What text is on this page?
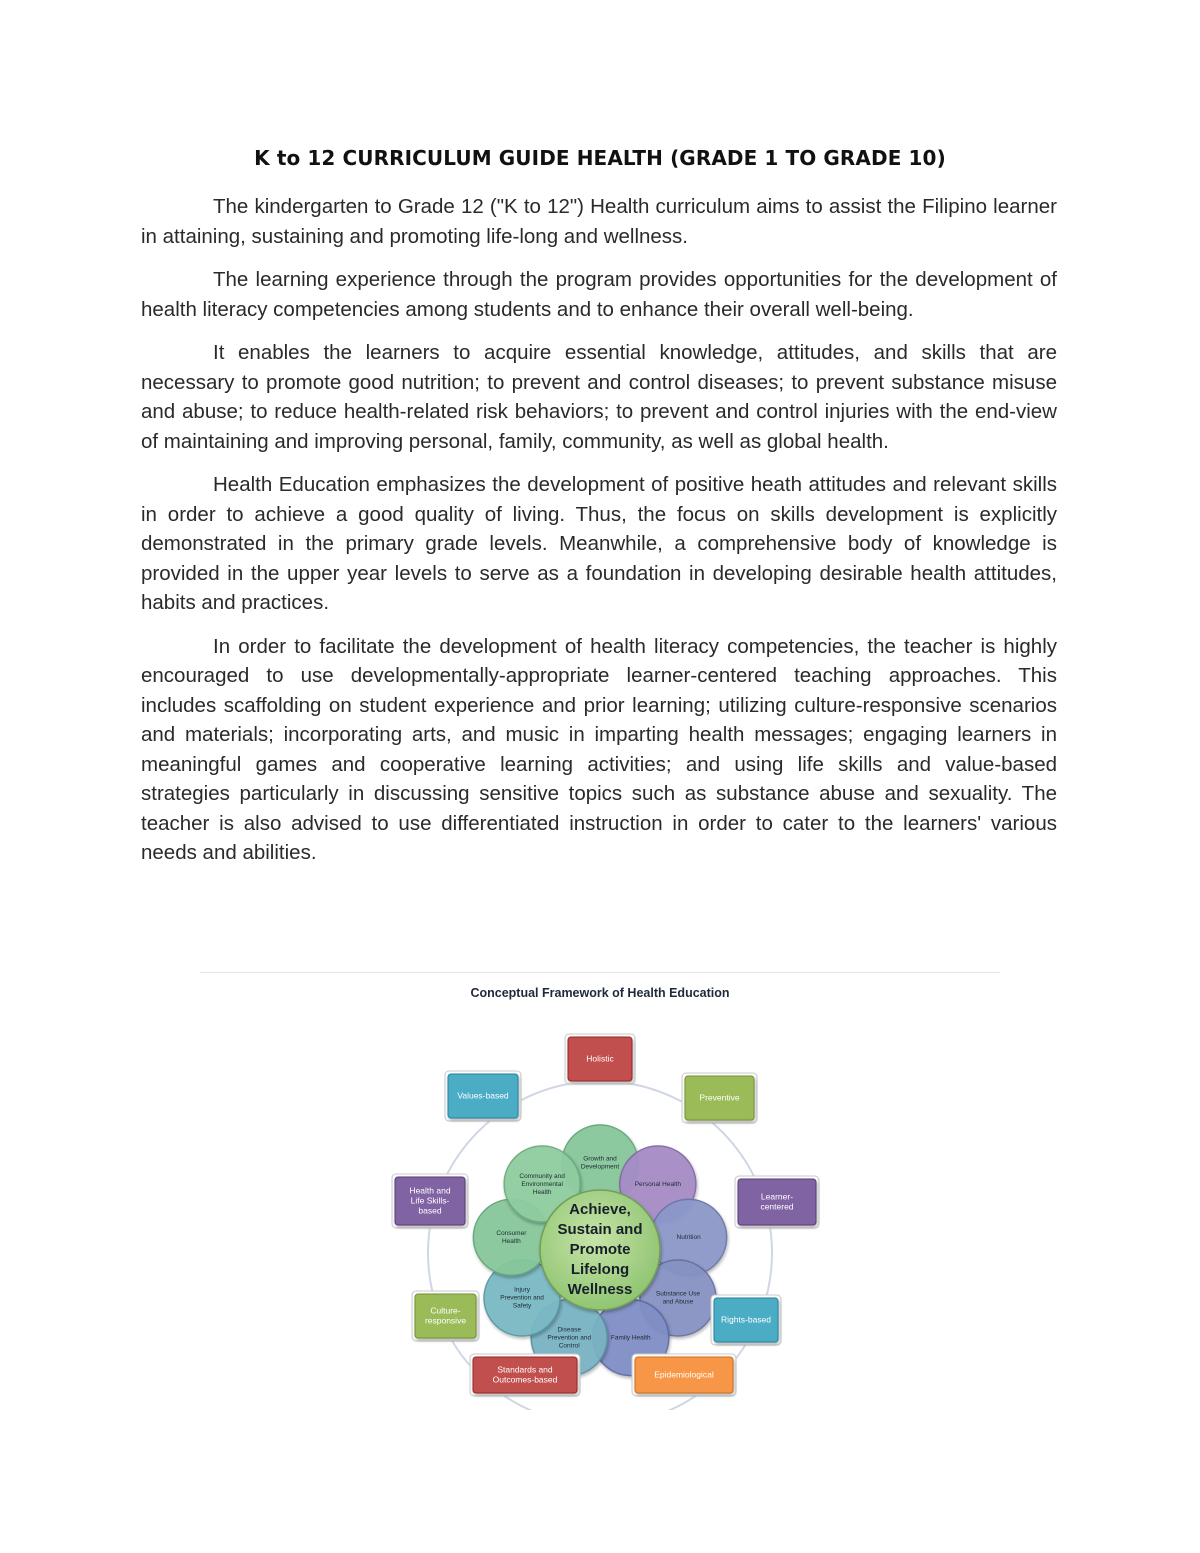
K to 12 CURRICULUM GUIDE HEALTH (GRADE 1 TO GRADE 10)

The kindergarten to Grade 12 ("K to 12") Health curriculum aims to assist the Filipino learner in attaining, sustaining and promoting life-long and wellness.

The learning experience through the program provides opportunities for the development of health literacy competencies among students and to enhance their overall well-being.

It enables the learners to acquire essential knowledge, attitudes, and skills that are necessary to promote good nutrition; to prevent and control diseases; to prevent substance misuse and abuse; to reduce health-related risk behaviors; to prevent and control injuries with the end-view of maintaining and improving personal, family, community, as well as global health.

Health Education emphasizes the development of positive heath attitudes and relevant skills in order to achieve a good quality of living. Thus, the focus on skills development is explicitly demonstrated in the primary grade levels. Meanwhile, a comprehensive body of knowledge is provided in the upper year levels to serve as a foundation in developing desirable health attitudes, habits and practices.

In order to facilitate the development of health literacy competencies, the teacher is highly encouraged to use developmentally-appropriate learner-centered teaching approaches. This includes scaffolding on student experience and prior learning; utilizing culture-responsive scenarios and materials; incorporating arts, and music in imparting health messages; engaging learners in meaningful games and cooperative learning activities; and using life skills and value-based strategies particularly in discussing sensitive topics such as substance abuse and sexuality. The teacher is also advised to use differentiated instruction in order to cater to the learners' various needs and abilities.

Conceptual Framework of Health Education
Growth and
Development
Personal Health
Nutrition
Substance Use
and Abuse
Family Health
Disease
Prevention and
Control
Injury
Prevention and
Safety
Consumer
Health
Community and
Environmental
Health
Achieve,
Sustain and
Promote
Lifelong
Wellness
Holistic
Preventive
Learner-
centered
Rights-based
Epidemiological
Standards and
Outcomes-based
Culture-
responsive
Health and
Life Skills-
based
Values-based
